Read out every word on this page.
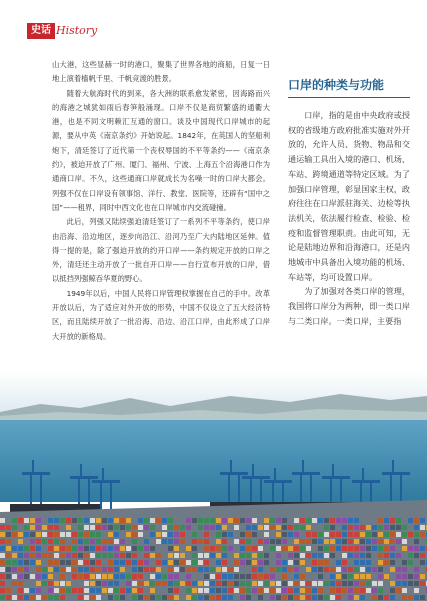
史话 History

山大港，这些显赫一时的港口，聚集了世界各地的商船，日复一日地上演着樯帆千里、千帆竞渡的胜景。

随着大航海时代的到来，各大洲的联系愈发紧密，因海路而兴的海港之城犹如雨后春笋般涌现。口岸不仅是商贸繁盛的通衢大港，也是不同文明赖汇互通的窗口。谈及中国现代口岸城市的起源，要从中英《南京条约》开始说起。1842年，在英国人的坚船利炮下，清廷签订了近代第一个丧权辱国的不平等条约——《南京条约》，被迫开放了广州、厦门、福州、宁波、上海五个沿海港口作为通商口岸。不久，这些通商口岸就成长为名噪一时的口岸大都会。列强不仅在口岸设有领事馆、洋行、教堂、医院等，还辟有“国中之国”——租界，同时中西文化也在口岸城市内交流碰撞。

此后，列强又陆续强迫清廷签订了一系列不平等条约，使口岸由沿海、沿边地区，逐步向沿江、沿河乃至广大内陆地区延伸。值得一提的是，除了强迫开放的约开口岸——条约规定开放的口岸之外，清廷还主动开放了一批自开口岸——自行宣布开放的口岸，借以抵挡列强鲸吞华夏的野心。

1949年以后，中国人民将口岸管理权掌握在自己的手中。改革开放以后，为了适应对外开放的形势，中国不仅设立了五大经济特区，而且陆续开放了一批沿海、沿边、沿江口岸，由此形成了口岸大开放的新格局。

口岸的种类与功能

口岸，指的是由中央政府或授权的省级地方政府批准实施对外开放的，允许人员、货物、物品和交通运输工具出入境的港口、机场、车站、跨境通道等特定区域。为了加强口岸管理，彰显国家主权，政府往往在口岸派驻海关、边检等执法机关，依法履行检查、检验、检疫和监督管理职责。由此可知，无论是陆地边界和沿海港口，还是内地城市中具备出入境功能的机场、车站等，均可设置口岸。

为了加强对各类口岸的管理，我国将口岸分为两种，即一类口岸与二类口岸。一类口岸，主要指
